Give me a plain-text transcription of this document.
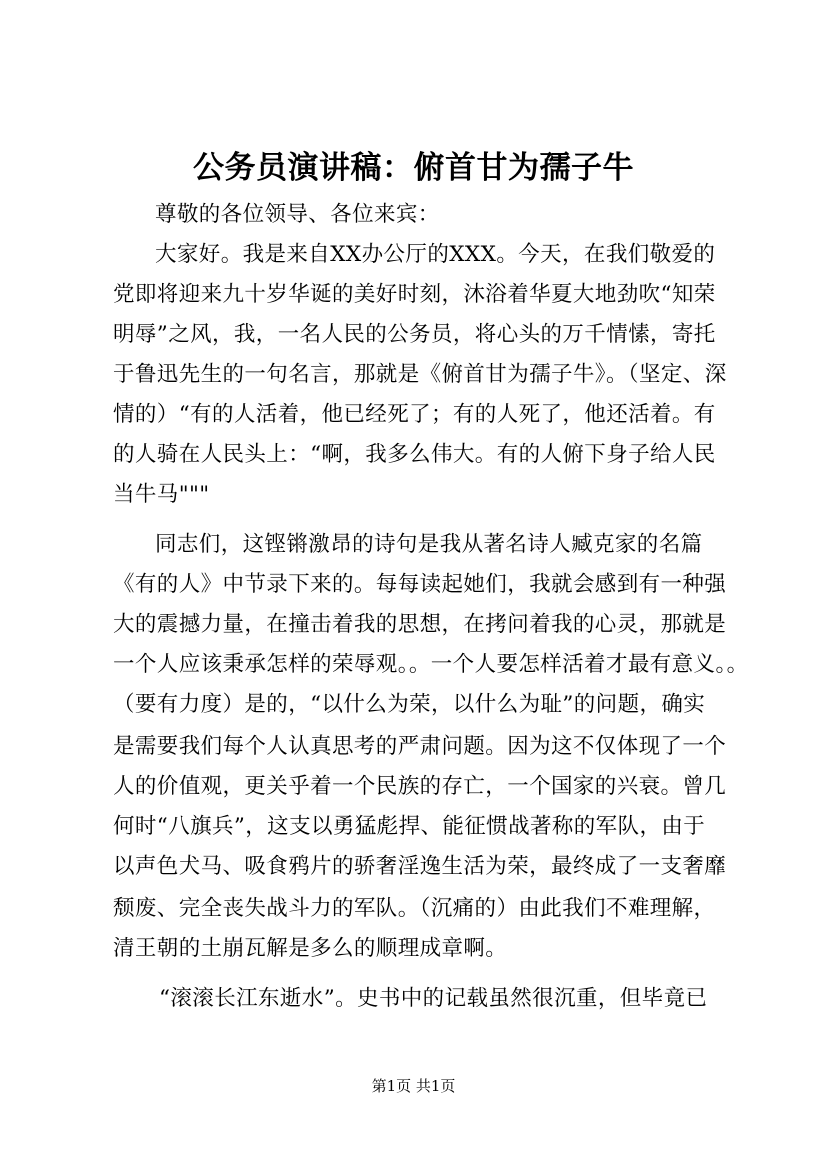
公务员演讲稿：俯首甘为孺子牛
尊敬的各位领导、各位来宾：
大家好。我是来自XX办公厅的XXX。今天，在我们敬爱的
党即将迎来九十岁华诞的美好时刻，沐浴着华夏大地劲吹“知荣
明辱”之风，我，一名人民的公务员，将心头的万千情愫，寄托
于鲁迅先生的一句名言，那就是《俯首甘为孺子牛》。（坚定、深
情的）“有的人活着，他已经死了；有的人死了，他还活着。有
的人骑在人民头上：“啊，我多么伟大。有的人俯下身子给人民
当牛马"""
同志们，这铿锵激昂的诗句是我从著名诗人臧克家的名篇
《有的人》中节录下来的。每每读起她们，我就会感到有一种强
大的震撼力量，在撞击着我的思想，在拷问着我的心灵，那就是
一个人应该秉承怎样的荣辱观。。一个人要怎样活着才最有意义。。
（要有力度）是的，“以什么为荣，以什么为耻”的问题，确实
是需要我们每个人认真思考的严肃问题。因为这不仅体现了一个
人的价值观，更关乎着一个民族的存亡，一个国家的兴衰。曾几
何时“八旗兵”，这支以勇猛彪捍、能征惯战著称的军队，由于
以声色犬马、吸食鸦片的骄奢淫逸生活为荣，最终成了一支奢靡
颓废、完全丧失战斗力的军队。（沉痛的）由此我们不难理解，
清王朝的土崩瓦解是多么的顺理成章啊。
“滚滚长江东逝水”。史书中的记载虽然很沉重，但毕竟已
第1页 共1页
